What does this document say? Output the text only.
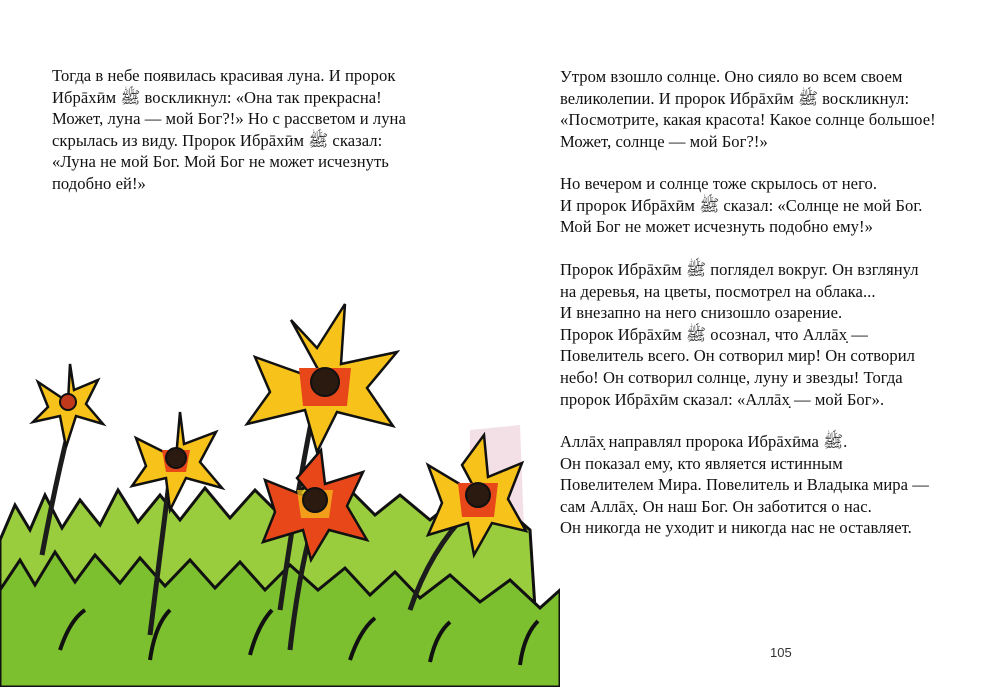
Тогда в небе появилась красивая луна. И пророк
Ибрāхӣм ﷺ воскликнул: «Она так прекрасна!
Может, луна — мой Бог?!» Но с рассветом и луна
скрылась из виду. Пророк Ибрāхӣм ﷺ сказал:
«Луна не мой Бог. Мой Бог не может исчезнуть
подобно ей!»

Утром взошло солнце. Оно сияло во всем своем
великолепии. И пророк Ибрāхӣм ﷺ воскликнул:
«Посмотрите, какая красота! Какое солнце большое!
Может, солнце — мой Бог?!»

Но вечером и солнце тоже скрылось от него.
И пророк Ибрāхӣм ﷺ сказал: «Солнце не мой Бог.
Мой Бог не может исчезнуть подобно ему!»

Пророк Ибрāхӣм ﷺ поглядел вокруг. Он взглянул
на деревья, на цветы, посмотрел на облака...
И внезапно на него снизошло озарение.
Пророк Ибрāхӣм ﷺ осознал, что Аллāх̣ —
Повелитель всего. Он сотворил мир! Он сотворил
небо! Он сотворил солнце, луну и звезды! Тогда
пророк Ибрāхӣм сказал: «Аллāх̣ — мой Бог».

Аллāх̣ направлял пророка Ибрāхӣма ﷺ.
Он показал ему, кто является истинным
Повелителем Мира. Повелитель и Владыка мира —
сам Аллāх̣. Он наш Бог. Он заботится о нас.
Он никогда не уходит и никогда нас не оставляет.

105
